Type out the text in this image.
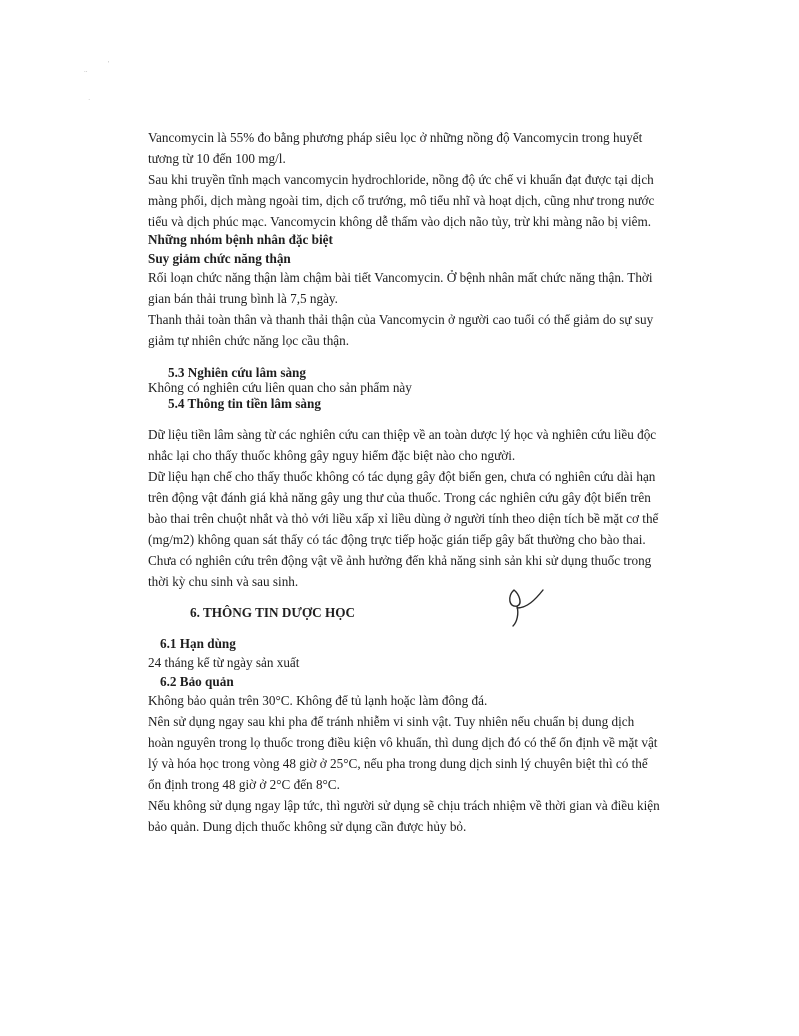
..
'
·
Vancomycin là 55% đo bằng phương pháp siêu lọc ở những nồng độ Vancomycin trong huyết
tương từ 10 đến 100 mg/l.
Sau khi truyền tĩnh mạch vancomycin hydrochloride, nồng độ ức chế vi khuẩn đạt được tại dịch
màng phổi, dịch màng ngoài tim, dịch cổ trướng, mô tiểu nhĩ và hoạt dịch, cũng như trong nước
tiểu và dịch phúc mạc. Vancomycin không dễ thấm vào dịch não tủy, trừ khi màng não bị viêm.
Những nhóm bệnh nhân đặc biệt
Suy giảm chức năng thận
Rối loạn chức năng thận làm chậm bài tiết Vancomycin. Ở bệnh nhân mất chức năng thận. Thời
gian bán thải trung bình là 7,5 ngày.
Thanh thải toàn thân và thanh thải thận của Vancomycin ở người cao tuổi có thể giảm do sự suy
giảm tự nhiên chức năng lọc cầu thận.
5.3 Nghiên cứu lâm sàng
Không có nghiên cứu liên quan cho sản phẩm này
5.4 Thông tin tiền lâm sàng
Dữ liệu tiền lâm sàng từ các nghiên cứu can thiệp về an toàn dược lý học và nghiên cứu liều độc
nhắc lại cho thấy thuốc không gây nguy hiểm đặc biệt nào cho người.
Dữ liệu hạn chế cho thấy thuốc không có tác dụng gây đột biến gen, chưa có nghiên cứu dài hạn
trên động vật đánh giá khả năng gây ung thư của thuốc. Trong các nghiên cứu gây đột biến trên
bào thai trên chuột nhắt và thỏ với liều xấp xỉ liều dùng ở người tính theo diện tích bề mặt cơ thể
(mg/m2) không quan sát thấy có tác động trực tiếp hoặc gián tiếp gây bất thường cho bào thai.
Chưa có nghiên cứu trên động vật về ảnh hưởng đến khả năng sinh sản khi sử dụng thuốc trong
thời kỳ chu sinh và sau sinh.
6. THÔNG TIN DƯỢC HỌC
6.1 Hạn dùng
24 tháng kể từ ngày sản xuất
6.2 Bảo quản
Không bảo quản trên 30°C. Không để tủ lạnh hoặc làm đông đá.
Nên sử dụng ngay sau khi pha để tránh nhiễm vi sinh vật. Tuy nhiên nếu chuẩn bị dung dịch
hoàn nguyên trong lọ thuốc trong điều kiện vô khuẩn, thì dung dịch đó có thể ổn định về mặt vật
lý và hóa học trong vòng 48 giờ ở 25°C, nếu pha trong dung dịch sinh lý chuyên biệt thì có thể
ổn định trong 48 giờ ở 2°C đến 8°C.
Nếu không sử dụng ngay lập tức, thì người sử dụng sẽ chịu trách nhiệm về thời gian và điều kiện
bảo quản. Dung dịch thuốc không sử dụng cần được hủy bỏ.
